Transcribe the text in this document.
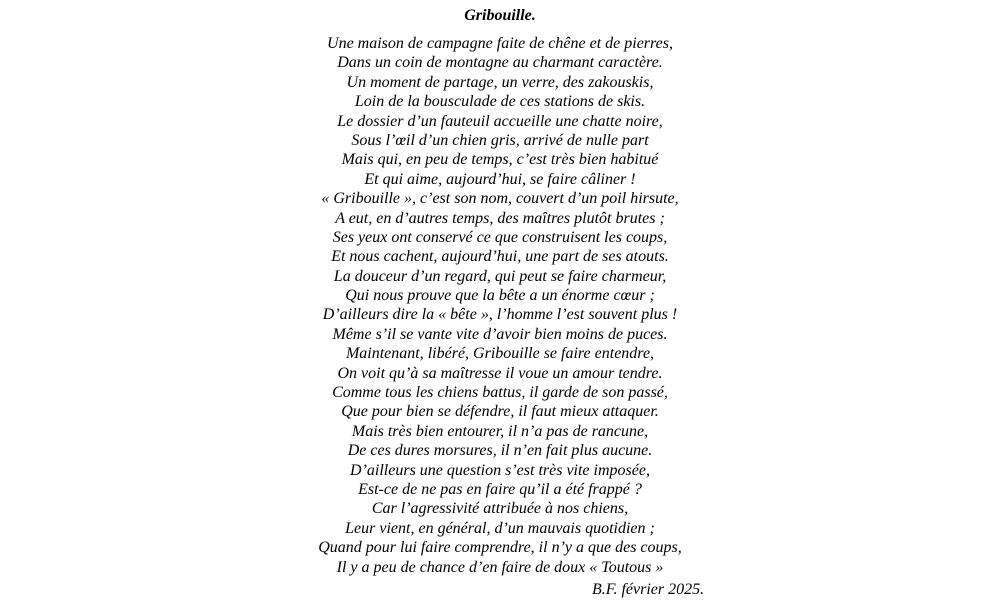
Gribouille.
Une maison de campagne faite de chêne et de pierres,
Dans un coin de montagne au charmant caractère.
Un moment de partage, un verre, des zakouskis,
Loin de la bousculade de ces stations de skis.
Le dossier d’un fauteuil accueille une chatte noire,
Sous l’œil d’un chien gris, arrivé de nulle part
Mais qui, en peu de temps, c’est très bien habitué
Et qui aime, aujourd’hui, se faire câliner !
« Gribouille », c’est son nom, couvert d’un poil hirsute,
A eut, en d’autres temps, des maîtres plutôt brutes ;
Ses yeux ont conservé ce que construisent les coups,
Et nous cachent, aujourd’hui, une part de ses atouts.
La douceur d’un regard, qui peut se faire charmeur,
Qui nous prouve que la bête a un énorme cœur ;
D’ailleurs dire la « bête », l’homme l’est souvent plus !
Même s’il se vante vite d’avoir bien moins de puces.
Maintenant, libéré, Gribouille se faire entendre,
On voit qu’à sa maîtresse il voue un amour tendre.
Comme tous les chiens battus, il garde de son passé,
Que pour bien se défendre, il faut mieux attaquer.
Mais très bien entourer, il n’a pas de rancune,
De ces dures morsures, il n’en fait plus aucune.
D’ailleurs une question s’est très vite imposée,
Est-ce de ne pas en faire qu’il a été frappé ?
Car l’agressivité attribuée à nos chiens,
Leur vient, en général, d’un mauvais quotidien ;
Quand pour lui faire comprendre, il n’y a que des coups,
Il y a peu de chance d’en faire de doux « Toutous »
B.F. février 2025.
